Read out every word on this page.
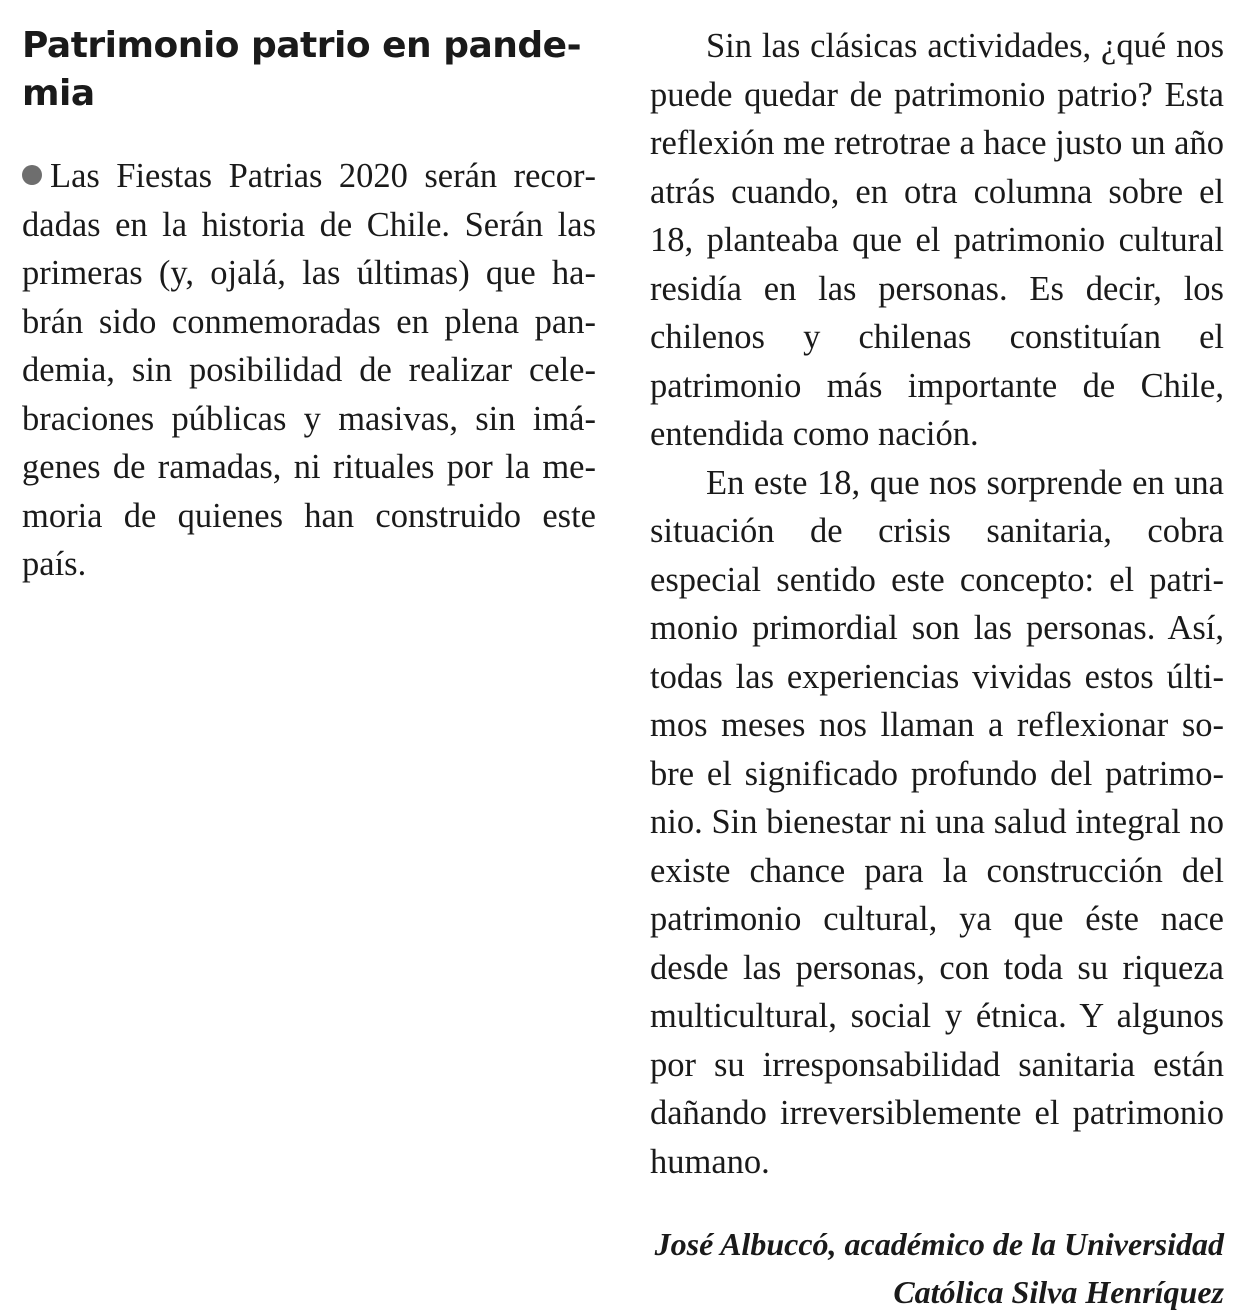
Patrimonio patrio en pandemia

Las Fiestas Patrias 2020 serán recordadas en la historia de Chile. Serán las primeras (y, ojalá, las últimas) que habrán sido conmemoradas en plena pandemia, sin posibilidad de realizar celebraciones públicas y masivas, sin imágenes de ramadas, ni rituales por la memoria de quienes han construido este país.

Sin las clásicas actividades, ¿qué nos puede quedar de patrimonio patrio? Esta reflexión me retrotrae a hace justo un año atrás cuando, en otra columna sobre el 18, planteaba que el patrimonio cultural residía en las personas. Es decir, los chilenos y chilenas constituían el patrimonio más importante de Chile, entendida como nación.

En este 18, que nos sorprende en una situación de crisis sanitaria, cobra especial sentido este concepto: el patrimonio primordial son las personas. Así, todas las experiencias vividas estos últimos meses nos llaman a reflexionar sobre el significado profundo del patrimonio. Sin bienestar ni una salud integral no existe chance para la construcción del patrimonio cultural, ya que éste nace desde las personas, con toda su riqueza multicultural, social y étnica. Y algunos por su irresponsabilidad sanitaria están dañando irreversiblemente el patrimonio humano.

José Albuccó, académico de la Universidad Católica Silva Henríquez
